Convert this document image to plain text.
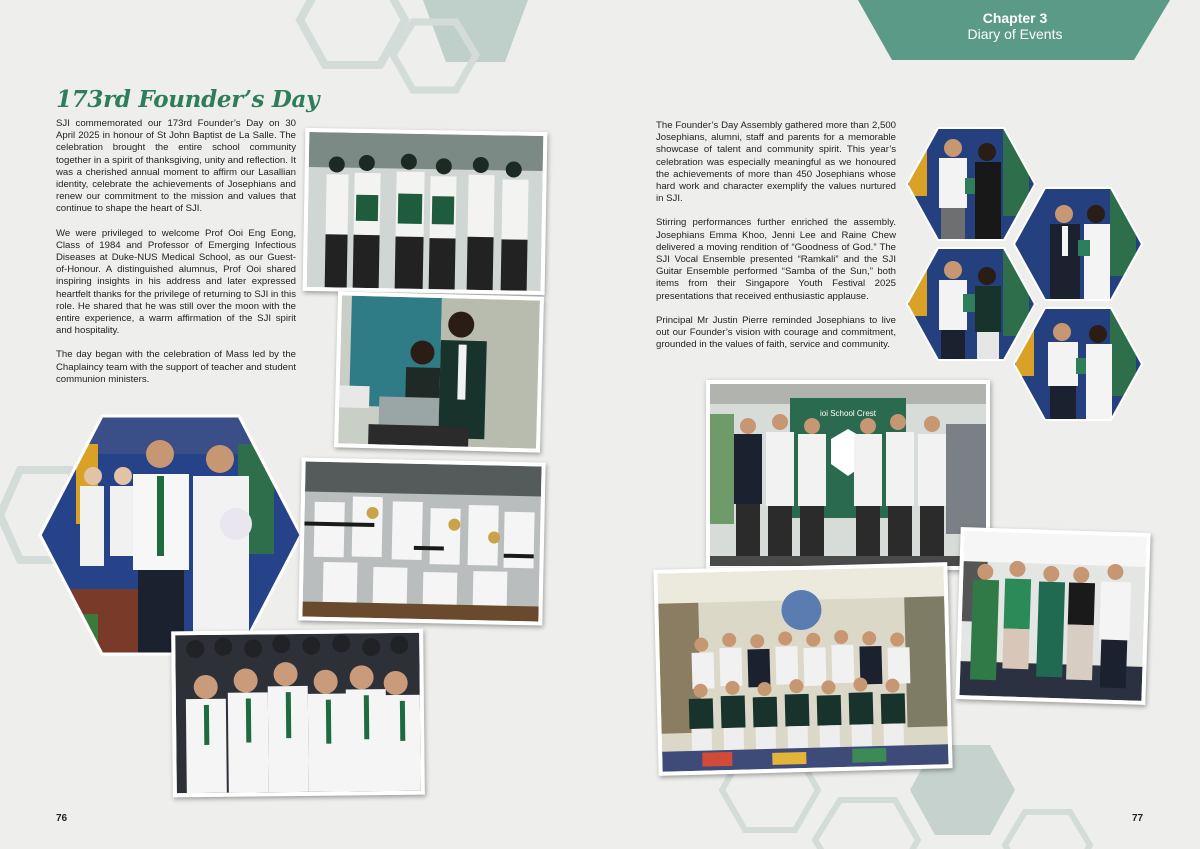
Chapter 3
Diary of Events
173rd Founder’s Day

SJI commemorated our 173rd Founder’s Day on 30 April 2025 in honour of St John Baptist de La Salle. The celebration brought the entire school community together in a spirit of thanksgiving, unity and reflection. It was a cherished annual moment to affirm our Lasallian identity, celebrate the achievements of Josephians and renew our commitment to the mission and values that continue to shape the heart of SJI.

We were privileged to welcome Prof Ooi Eng Eong, Class of 1984 and Professor of Emerging Infectious Diseases at Duke-NUS Medical School, as our Guest-of-Honour. A distinguished alumnus, Prof Ooi shared inspiring insights in his address and later expressed heartfelt thanks for the privilege of returning to SJI in this role. He shared that he was still over the moon with the entire experience, a warm affirmation of the SJI spirit and hospitality.

The day began with the celebration of Mass led by the Chaplaincy team with the support of teacher and student communion ministers.

76

The Founder’s Day Assembly gathered more than 2,500 Josephians, alumni, staff and parents for a memorable showcase of talent and community spirit. This year’s celebration was especially meaningful as we honoured the achievements of more than 450 Josephians whose hard work and character exemplify the values nurtured in SJI.

Stirring performances further enriched the assembly. Josephians Emma Khoo, Jenni Lee and Raine Chew delivered a moving rendition of “Goodness of God.” The SJI Vocal Ensemble presented “Ramkali” and the SJI Guitar Ensemble performed “Samba of the Sun,” both items from their Singapore Youth Festival 2025 presentations that received enthusiastic applause.

Principal Mr Justin Pierre reminded Josephians to live out our Founder’s vision with courage and commitment, grounded in the values of faith, service and community.

ioi School Crest
77
